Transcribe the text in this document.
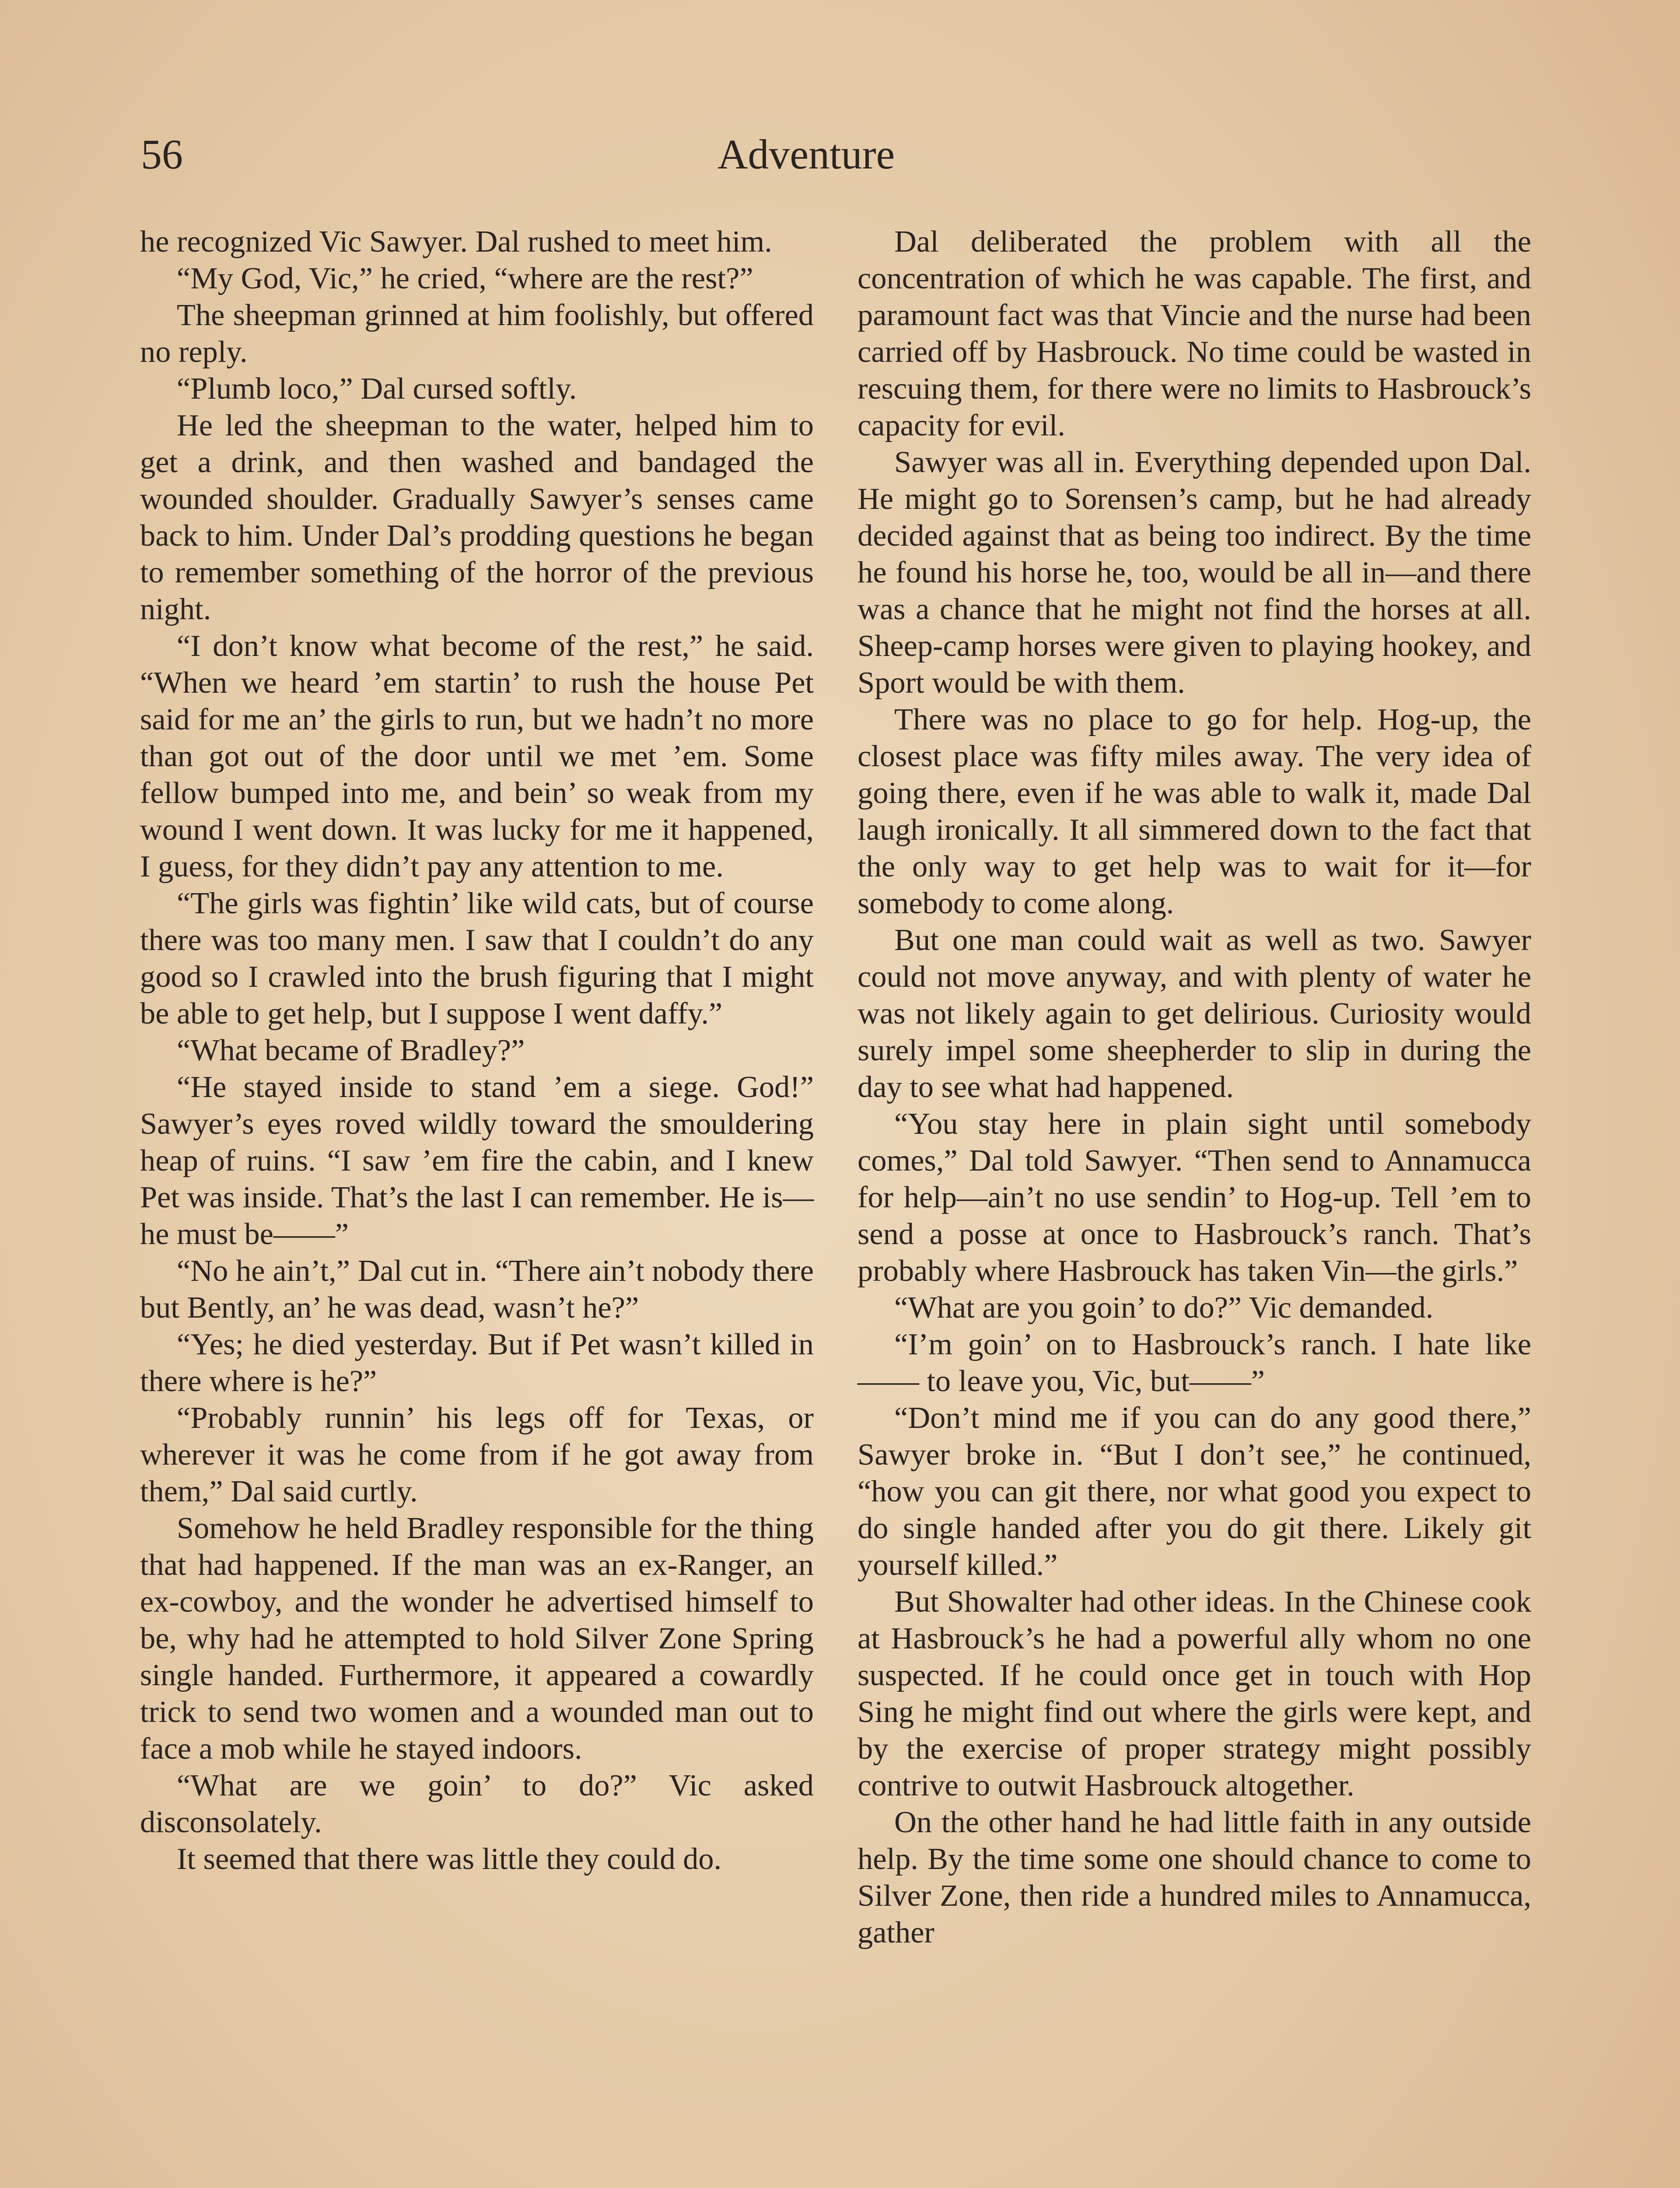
56	Adventure

he recognized Vic Sawyer. Dal rushed to meet him.

“My God, Vic,” he cried, “where are the rest?”

The sheepman grinned at him foolishly, but offered no reply.

“Plumb loco,” Dal cursed softly.

He led the sheepman to the water, helped him to get a drink, and then washed and bandaged the wounded shoulder. Gradually Sawyer’s senses came back to him. Under Dal’s prodding questions he began to remember something of the horror of the previous night.

“I don’t know what become of the rest,” he said. “When we heard ’em startin’ to rush the house Pet said for me an’ the girls to run, but we hadn’t no more than got out of the door until we met ’em. Some fellow bumped into me, and bein’ so weak from my wound I went down. It was lucky for me it happened, I guess, for they didn’t pay any attention to me.

“The girls was fightin’ like wild cats, but of course there was too many men. I saw that I couldn’t do any good so I crawled into the brush figuring that I might be able to get help, but I suppose I went daffy.”

“What became of Bradley?”

“He stayed inside to stand ’em a siege. God!” Sawyer’s eyes roved wildly toward the smouldering heap of ruins. “I saw ’em fire the cabin, and I knew Pet was inside. That’s the last I can remember. He is—he must be——”

“No he ain’t,” Dal cut in. “There ain’t nobody there but Bently, an’ he was dead, wasn’t he?”

“Yes; he died yesterday. But if Pet wasn’t killed in there where is he?”

“Probably runnin’ his legs off for Texas, or wherever it was he come from if he got away from them,” Dal said curtly.

Somehow he held Bradley responsible for the thing that had happened. If the man was an ex-Ranger, an ex-cowboy, and the wonder he advertised himself to be, why had he attempted to hold Silver Zone Spring single handed. Furthermore, it appeared a cowardly trick to send two women and a wounded man out to face a mob while he stayed indoors.

“What are we goin’ to do?” Vic asked disconsolately.

It seemed that there was little they could do.

Dal deliberated the problem with all the concentration of which he was capable. The first, and paramount fact was that Vincie and the nurse had been carried off by Hasbrouck. No time could be wasted in rescuing them, for there were no limits to Hasbrouck’s capacity for evil.

Sawyer was all in. Everything depended upon Dal. He might go to Sorensen’s camp, but he had already decided against that as being too indirect. By the time he found his horse he, too, would be all in—and there was a chance that he might not find the horses at all. Sheep-camp horses were given to playing hookey, and Sport would be with them.

There was no place to go for help. Hog-up, the closest place was fifty miles away. The very idea of going there, even if he was able to walk it, made Dal laugh ironically. It all simmered down to the fact that the only way to get help was to wait for it—for somebody to come along.

But one man could wait as well as two. Sawyer could not move anyway, and with plenty of water he was not likely again to get delirious. Curiosity would surely impel some sheepherder to slip in during the day to see what had happened.

“You stay here in plain sight until somebody comes,” Dal told Sawyer. “Then send to Annamucca for help—ain’t no use sendin’ to Hog-up. Tell ’em to send a posse at once to Hasbrouck’s ranch. That’s probably where Hasbrouck has taken Vin—the girls.”

“What are you goin’ to do?” Vic demanded.

“I’m goin’ on to Hasbrouck’s ranch. I hate like —— to leave you, Vic, but——”

“Don’t mind me if you can do any good there,” Sawyer broke in. “But I don’t see,” he continued, “how you can git there, nor what good you expect to do single handed after you do git there. Likely git yourself killed.”

But Showalter had other ideas. In the Chinese cook at Hasbrouck’s he had a powerful ally whom no one suspected. If he could once get in touch with Hop Sing he might find out where the girls were kept, and by the exercise of proper strategy might possibly contrive to outwit Hasbrouck altogether.

On the other hand he had little faith in any outside help. By the time some one should chance to come to Silver Zone, then ride a hundred miles to Annamucca, gather
